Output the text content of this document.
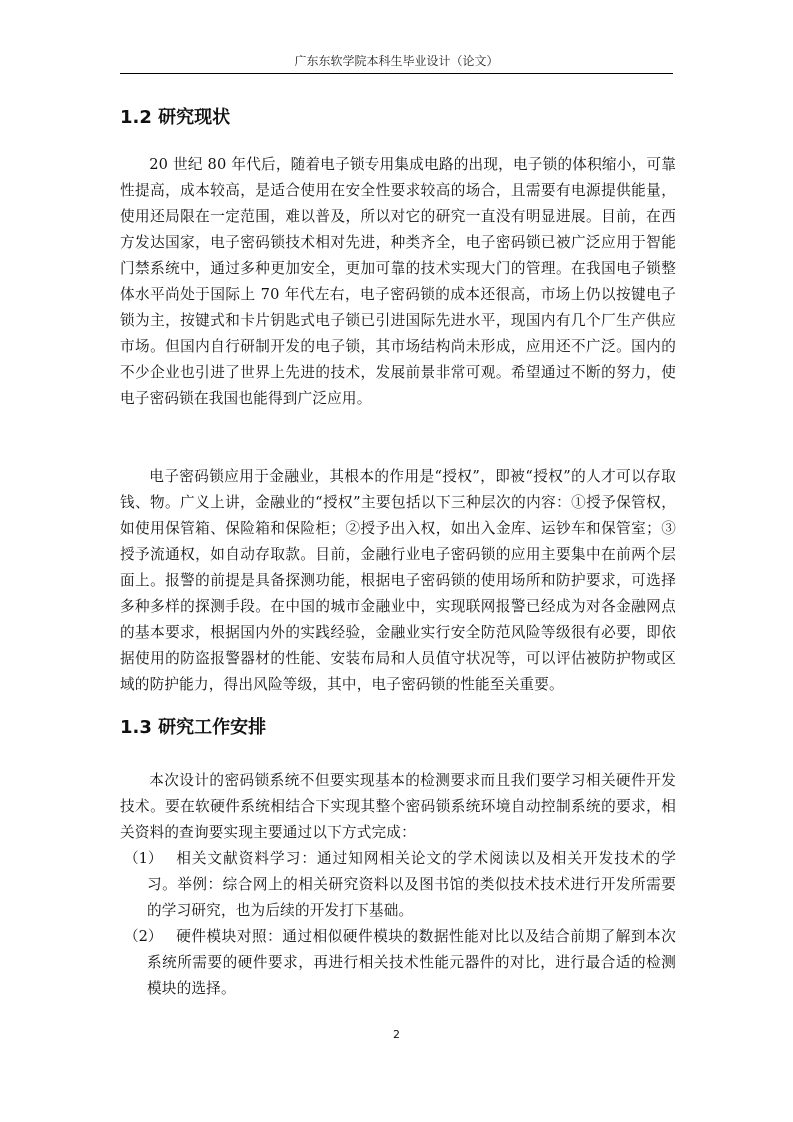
广东东软学院本科生毕业设计（论文）
1.2 研究现状

20 世纪 80 年代后，随着电子锁专用集成电路的出现，电子锁的体积缩小，可靠性提高，成本较高，是适合使用在安全性要求较高的场合，且需要有电源提供能量，使用还局限在一定范围，难以普及，所以对它的研究一直没有明显进展。目前，在西方发达国家，电子密码锁技术相对先进，种类齐全，电子密码锁已被广泛应用于智能门禁系统中，通过多种更加安全，更加可靠的技术实现大门的管理。在我国电子锁整体水平尚处于国际上 70 年代左右，电子密码锁的成本还很高，市场上仍以按键电子锁为主，按键式和卡片钥匙式电子锁已引进国际先进水平，现国内有几个厂生产供应市场。但国内自行研制开发的电子锁，其市场结构尚未形成，应用还不广泛。国内的不少企业也引进了世界上先进的技术，发展前景非常可观。希望通过不断的努力，使电子密码锁在我国也能得到广泛应用。

电子密码锁应用于金融业，其根本的作用是“授权”，即被“授权”的人才可以存取钱、物。广义上讲，金融业的“授权”主要包括以下三种层次的内容：①授予保管权，如使用保管箱、保险箱和保险柜；②授予出入权，如出入金库、运钞车和保管室；③授予流通权，如自动存取款。目前，金融行业电子密码锁的应用主要集中在前两个层面上。报警的前提是具备探测功能，根据电子密码锁的使用场所和防护要求，可选择多种多样的探测手段。在中国的城市金融业中，实现联网报警已经成为对各金融网点的基本要求，根据国内外的实践经验，金融业实行安全防范风险等级很有必要，即依据使用的防盗报警器材的性能、安装布局和人员值守状况等，可以评估被防护物或区域的防护能力，得出风险等级，其中，电子密码锁的性能至关重要。

1.3 研究工作安排

本次设计的密码锁系统不但要实现基本的检测要求而且我们要学习相关硬件开发技术。要在软硬件系统相结合下实现其整个密码锁系统环境自动控制系统的要求，相关资料的查询要实现主要通过以下方式完成：

（1） 相关文献资料学习：通过知网相关论文的学术阅读以及相关开发技术的学习。举例：综合网上的相关研究资料以及图书馆的类似技术技术进行开发所需要的学习研究，也为后续的开发打下基础。

（2） 硬件模块对照：通过相似硬件模块的数据性能对比以及结合前期了解到本次系统所需要的硬件要求，再进行相关技术性能元器件的对比，进行最合适的检测模块的选择。

2
